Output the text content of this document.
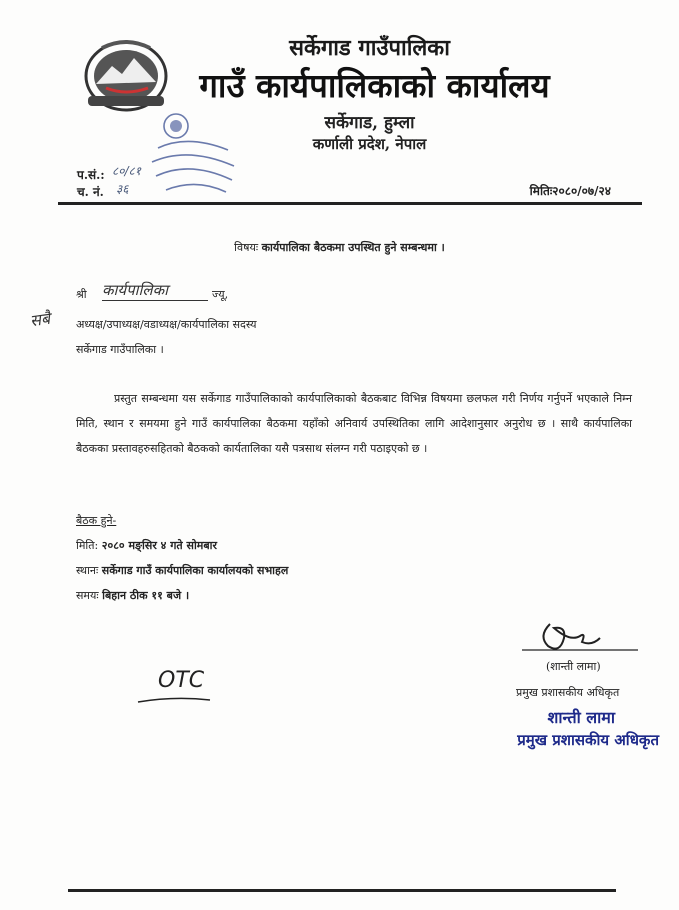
सर्केगाड गाउँपालिका
गाउँ कार्यपालिकाको कार्यालय
सर्केगाड, हुम्ला
कर्णाली प्रदेश, नेपाल
प.सं.: ८०/८१
च. नं. ३६	मितिः२०८०/०७/२४
विषयः कार्यपालिका बैठकमा उपस्थित हुने सम्बन्धमा ।
श्री कार्यपालिका	ज्यू,
सबै अध्यक्ष/उपाध्यक्ष/वडाध्यक्ष/कार्यपालिका सदस्य
सर्केगाड गाउँपालिका ।

प्रस्तुत सम्बन्धमा यस सर्केगाड गाउँपालिकाको कार्यपालिकाको बैठकबाट विभिन्न विषयमा छलफल गरी निर्णय गर्नुपर्ने भएकाले निम्न मिति, स्थान र समयमा हुने गाउँ कार्यपालिका बैठकमा यहाँको अनिवार्य उपस्थितिका लागि आदेशानुसार अनुरोध छ । साथै कार्यपालिका बैठकका प्रस्तावहरुसहितको बैठकको कार्यतालिका यसै पत्रसाथ संलग्न गरी पठाइएको छ ।

बैठक हुने-
मिति: २०८० मङ्सिर ४ गते सोमबार
स्थानः सर्केगाड गाउँ कार्यपालिका कार्यालयको सभाहल
समयः बिहान ठीक ११ बजे ।
OTC
(शान्ती लामा)
प्रमुख प्रशासकीय अधिकृत
शान्ती लामा
प्रमुख प्रशासकीय अधिकृत
